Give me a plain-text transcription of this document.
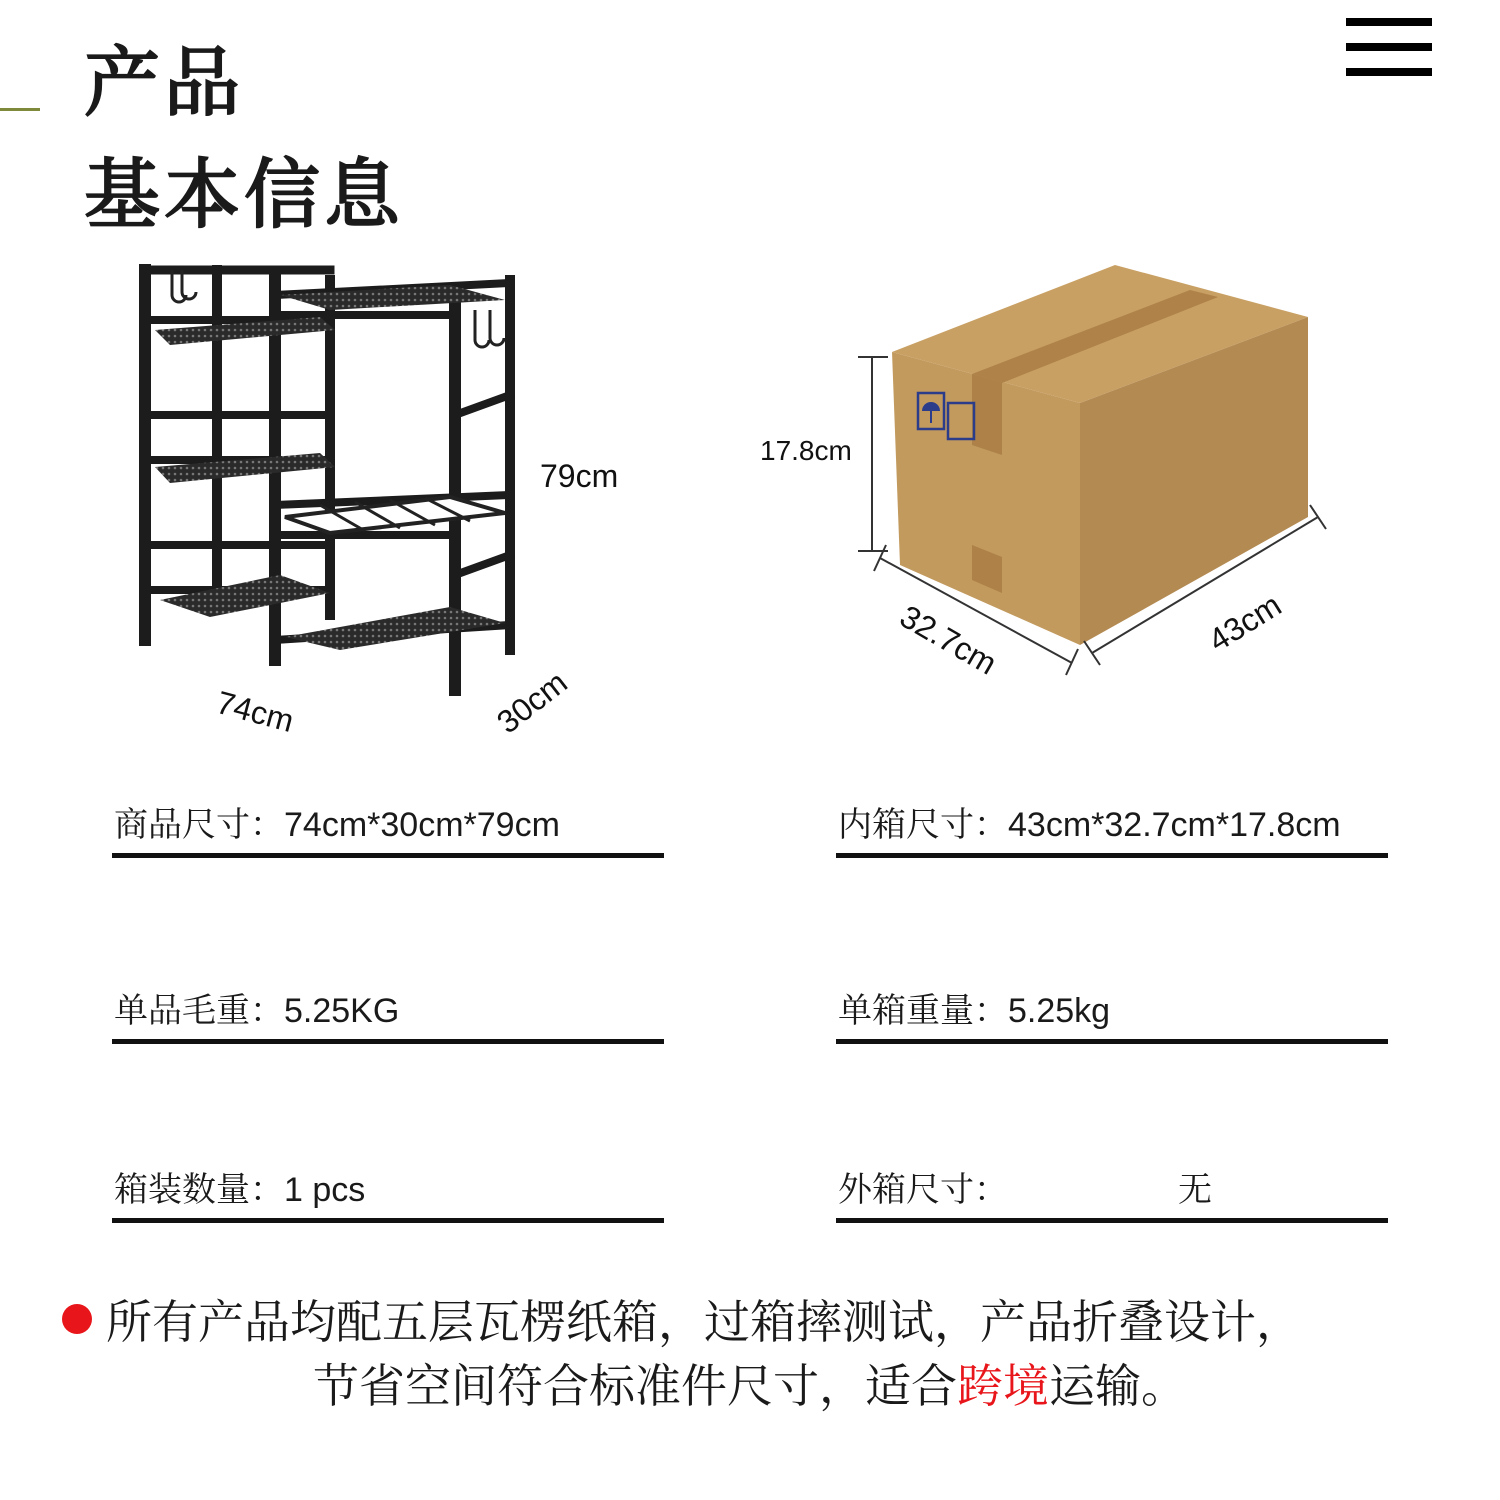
产品
基本信息
79cm
74cm	30cm
17.8cm
32.7cm	43cm
商品尺寸：74cm*30cm*79cm	内箱尺寸：43cm*32.7cm*17.8cm
单品毛重：5.25KG	单箱重量：5.25kg
箱装数量：1 pcs	外箱尺寸：	无
所有产品均配五层瓦楞纸箱，过箱摔测试，产品折叠设计，
节省空间符合标准件尺寸，适合跨境运输。
